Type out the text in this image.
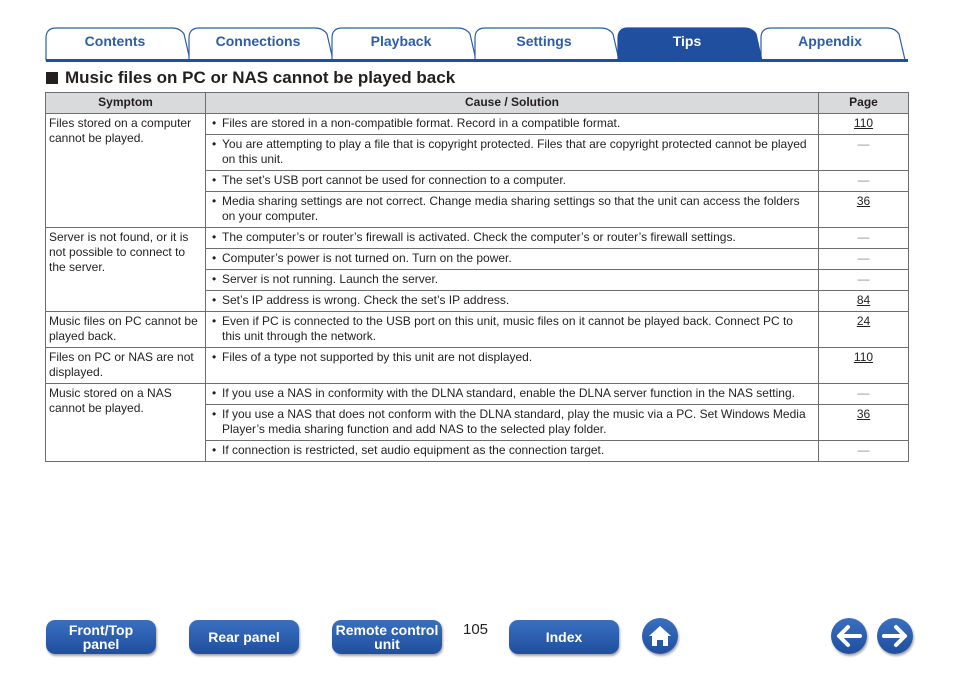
Contents	Connections	Playback	Settings	Tips	Appendix
Music files on PC or NAS cannot be played back
Symptom	Cause / Solution	Page
Files stored on a computer cannot be played.	• Files are stored in a non-compatible format. Record in a compatible format.	110

	• You are attempting to play a file that is copyright protected. Files that are copyright protected cannot be played on this unit.	—

	• The set’s USB port cannot be used for connection to a computer.	—

	• Media sharing settings are not correct. Change media sharing settings so that the unit can access the folders on your computer.	36
Server is not found, or it is not possible to connect to the server.	• The computer’s or router’s firewall is activated. Check the computer’s or router’s firewall settings.	—

	• Computer’s power is not turned on. Turn on the power.	—

	• Server is not running. Launch the server.	—

	• Set’s IP address is wrong. Check the set’s IP address.	84
Music files on PC cannot be played back.	• Even if PC is connected to the USB port on this unit, music files on it cannot be played back. Connect PC to this unit through the network.	24
Files on PC or NAS are not displayed.	• Files of a type not supported by this unit are not displayed.	110
Music stored on a NAS cannot be played.	• If you use a NAS in conformity with the DLNA standard, enable the DLNA server function in the NAS setting.	—

	• If you use a NAS that does not conform with the DLNA standard, play the music via a PC. Set Windows Media Player’s media sharing function and add NAS to the selected play folder.	36

	• If connection is restricted, set audio equipment as the connection target.	—
Front/Top
panel	Rear panel	Remote control
unit
105	Index
